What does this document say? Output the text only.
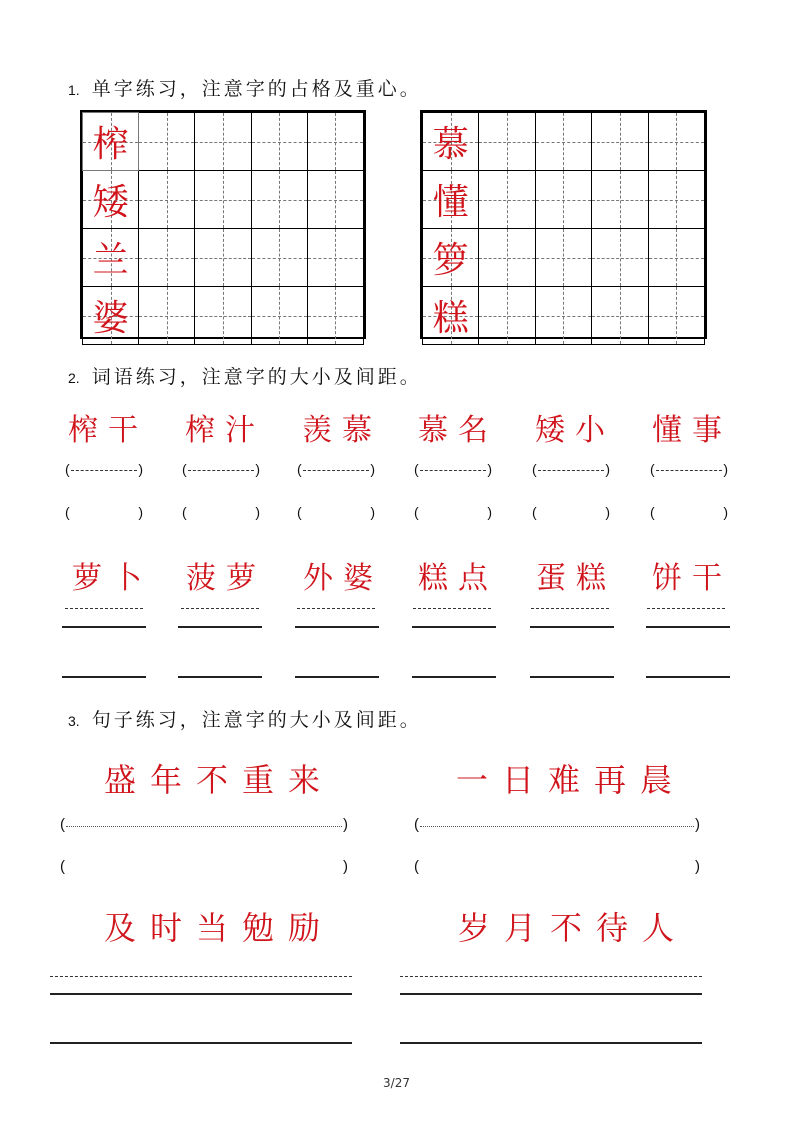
1. 单字练习，注意字的占格及重心。
榨				

矮				

兰				

婆				

慕				

懂				

箩				

糕				

2. 词语练习，注意字的大小及间距。
榨干 榨汁 羡慕 慕名 矮小 懂事
(	)	(	)	(	)	(	)	(	)	(	)
(	)	(	)	(	)	(	)	(	)	(	)
萝卜 菠萝 外婆 糕点 蛋糕 饼干
3. 句子练习，注意字的大小及间距。
盛年不重来	一日难再晨
(	)	(	)
(	)	(	)
及时当勉励	岁月不待人
3/27
